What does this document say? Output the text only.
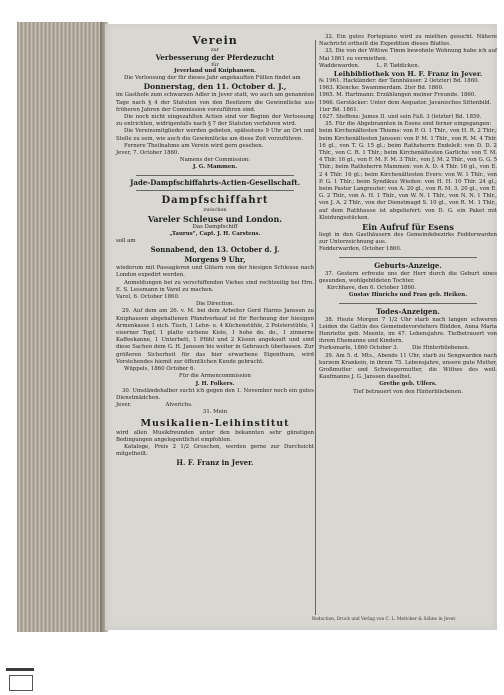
Verein
zur
Verbesserung der Pferdezucht
für
Jeverland und Kniphausen.
Die Verloosung der für dieses Jahr angekauften Füllen findet am
Donnerstag, den 11. October d. J.,
im Gasthofe zum schwarzen Adler in Jever statt, wo auch am genannten Tage nach § 4 der Statuten von den Besitzern die Gewinnlücke aus früheren Jahren der Commission vorzuführen sind.
Die noch nicht eingezahlten Actien sind vor Beginn der Verloosung zu entrichten, widrigenfalls nach § 7 der Statuten verfahren wird.
Die Vereinsmitglieder werden gebeten, spätestens 9 Uhr an Ort und Stelle zu sein, wie auch die Gewinnlücke am diese Zeit vorzuführen.
Fernere Theilnahme am Verein wird gern gesehen.
Jever, 7. October 1860.
Namens der Commission:
J. G. Mammen.
Jade-Dampfschiffahrts-Actien-Gesellschaft.
Dampfschiffahrt
zwischen
Vareler Schleuse und London.
Das Dampfschiff
„Taurus“, Capt. J. H. Carstens.
soll am
Sonnabend, den 13. October d. J.
Morgens 9 Uhr,
wiederum mit Passagieren und Gütern von der hiesigen Schleuse nach London expedirt werden.
Anmeldungen bei zu verschiffenden Viehes sind rechtzeitig bei Hrn. E. S. Lessmann in Varel zu machen.
Varel, 6. October 1860.
Die Direction.
29. Auf dem am 26. v. M. bei dem Arbeiter Gerd Harms Janssen zu Kniphausen abgehaltenen Pfandverkauf ist für Rechnung der hiesigen Armenkasse 1 eich. Tisch, 1 Lehn- u. 4 Küchenstühle, 2 Polsterstühle, 1 eiserner Topf, 1 platte eichene Kiste, 1 hohe do. do., 1 zinnerne Kaffeekanne, 1 Unterbett, 1 Pfühl und 2 Kissen angekauft und sind diese Sachen dem G. H. Janssen bis weiter in Gebrauch überlassen. Zur größeren Sicherheit für das hier erwarbene Eigenthum, wird Vorstehendes hiemit zur öffentlichen Kunde gebracht.
Wüppels, 1860 October 6.
Für die Armencommission
J. H. Folkers.
30. Umständehalber sucht ich gegen den 1. November noch ein gutes Dienstmädchen.
Jever.                    Alverichs.
31. Mein
Musikalien-Leihinstitut
wird allen Musikfreunden unter den bekannten sehr günstigen Bedingungen angelegentlichst empfohlen.
Kataloge, Preis 2 1/2 Groschen, werden gerne zur Durchsicht mitgetheilt.
H. F. Franz in Jever.
32. Ein gutes Fortepiano wird zu miethen gesucht. Nähere Nachricht ertheilt die Expedition dieses Blattes.
33. Die von der Wittwe Timm bewohnte Wohnung habe ich auf Mai 1861 zu vermiethen.
Waddewarden.          L. P. Taddicken.
Leihbibliothek von H. F. Franz in Jever.
№ 1961. Hackländer: der Tannhäuser. 2 (letzter) Bd. 1860.
1963. Klencke: Swammerdam. 2ter Bd. 1860.
1965. M. Hartmann: Erzählungen meiner Freunde. 1860.
1966. Gerstäcker: Unter dem Aequator. Javanisches Sittenbild. 1ter Bd. 1861.
1927. Steffens: James II. und sein Fall. 3 (letzter) Bd. 1859.
35. Für die Abgebrannten in Esens sind ferner eingegangen:
beim Kirchenältesten Thiems: von P. O. 1 Thlr., von H. R. 2 Thlr.; beim Kirchenältesten Janssen: von P. M. 1 Thlr., von R. M. 4 Thlr. 16 gl., von T. G. 15 gl.; beim Rathsherrn Endeleit: von D. D. 2 Thlr., von C. R. 1 Thlr.; beim Kirchenältesten Garlichs: von T. M. 4 Thlr. 16 gl., von F. M. F. M. 3 Thlr., von J. M. 2 Thlr., von G. G. 5 Thlr.; beim Rathsherrn Mammen: von A. D. 4 Thlr. 16 gl., von E. 2 4 Thlr. 16 gl.; beim Kirchenältesten Evers: von W. 1 Thlr., von P. G. 1 Thlr.; beim Syndikus Wieden: von H. H. 10 Thlr. 24 gl.; beim Pastor Langreuter: von A. 20 gl., von R. M. 3. 20 gl., von E. G. 2 Thlr., von A. H. 1 Thlr., von W. N. 1 Thlr., von N. N. 1 Thlr., von J. A. 2 Thlr., von der Dienstmagd S. 10 gl., von R. M. 1 Thlr., auf dem Rathhause ist abgeliefert: von D. G. ein Paket mit Kleidungsstücken.
Ein Aufruf für Esens
liegt in den Gasthäusern des Gemeindebezirks Fedderwarden zur Unterzeichnung aus.
Fedderwarden, October 1860.
Geburts-Anzeige.
37. Gestern erfreute uns der Herr durch die Geburt eines gesunden, wohlgebildeten Tochter.
Kirchhave, den 6. October 1860.
Gustav Hinrichs und Frau geb. Heiken.
Todes-Anzeigen.
38. Heute Morgen 7 1/2 Uhr starb nach langen schweren Leiden die Gattin des Gemeindevorstehers Büdden, Anna Maria Henriette geb. Meentz, im 47. Lebensjahre. Tiefbetrauert von ihrem Ehemanne und Kindern.
Purksmarle, 1860 October 3.        Die Hinterbliebenen.
39. Am 5. d. Mts., Abends 11 Uhr, starb zu Sengwarden nach kurzem Krankein, in ihrem 75. Lebensjahre, unsere gute Mutter, Großmutter und Schwiegermutter, die Wittwe des weil. Kaufmanns J. G. Janssen daselbst.
Grethe geb. Ulfers.
Tief betrauert von den Hinterbliebenen.
Redaction, Druck und Verlag von C. L. Mettcker & Söhne in Jever.
